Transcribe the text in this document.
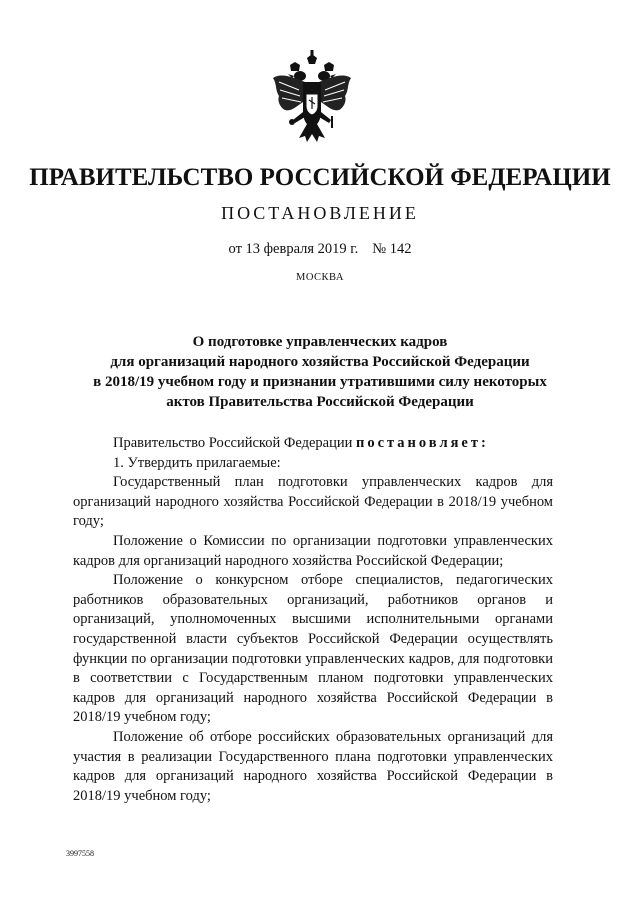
ПРАВИТЕЛЬСТВО РОССИЙСКОЙ ФЕДЕРАЦИИ
ПОСТАНОВЛЕНИЕ
от 13 февраля 2019 г. № 142
МОСКВА
О подготовке управленческих кадров
для организаций народного хозяйства Российской Федерации
в 2018/19 учебном году и признании утратившими силу некоторых
актов Правительства Российской Федерации

Правительство Российской Федерации постановляет:

1. Утвердить прилагаемые:

Государственный план подготовки управленческих кадров для организаций народного хозяйства Российской Федерации в 2018/19 учебном году;

Положение о Комиссии по организации подготовки управленческих кадров для организаций народного хозяйства Российской Федерации;

Положение о конкурсном отборе специалистов, педагогических работников образовательных организаций, работников органов и организаций, уполномоченных высшими исполнительными органами государственной власти субъектов Российской Федерации осуществлять функции по организации подготовки управленческих кадров, для подготовки в соответствии с Государственным планом подготовки управленческих кадров для организаций народного хозяйства Российской Федерации в 2018/19 учебном году;

Положение об отборе российских образовательных организаций для участия в реализации Государственного плана подготовки управленческих кадров для организаций народного хозяйства Российской Федерации в 2018/19 учебном году;

3997558
